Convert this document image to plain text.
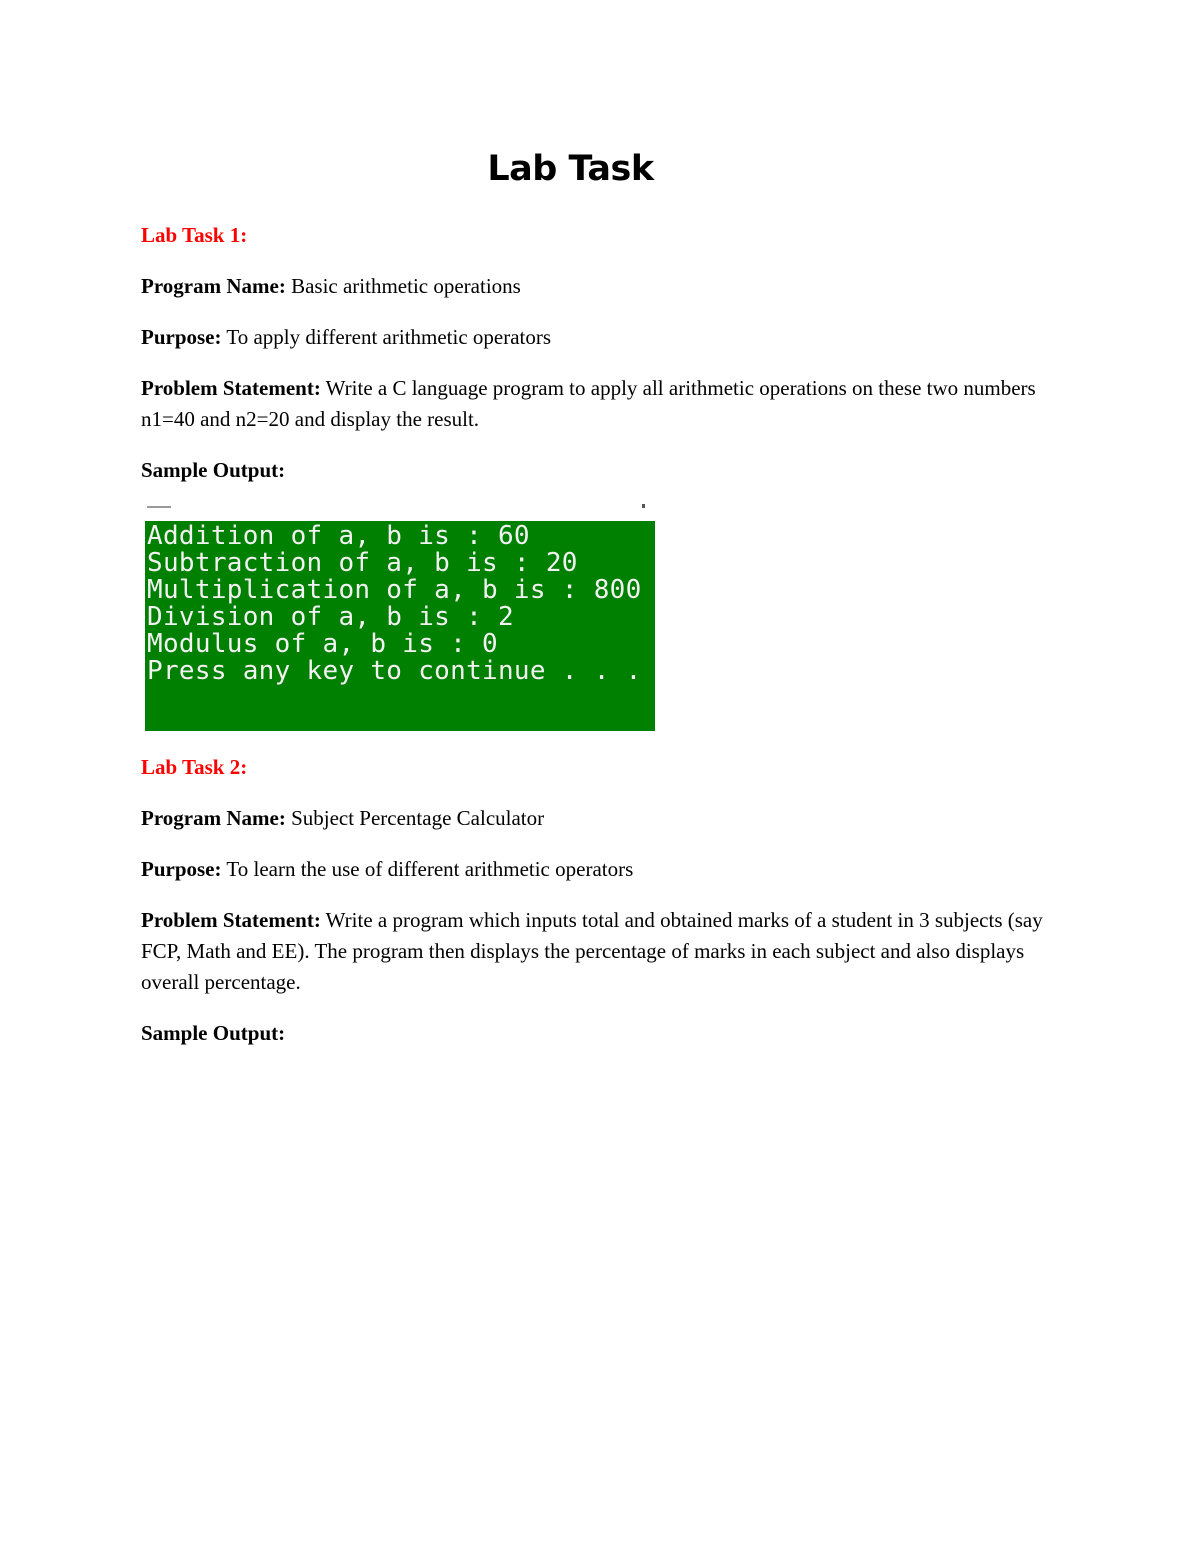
Lab Task
Lab Task 1:

Program Name: Basic arithmetic operations

Purpose: To apply different arithmetic operators

Problem Statement: Write a C language program to apply all arithmetic operations on these two numbers n1=40 and n2=20 and display the result.

Sample Output:

Addition of a, b is : 60
Subtraction of a, b is : 20
Multiplication of a, b is : 800
Division of a, b is : 2
Modulus of a, b is : 0
Press any key to continue . . .
Lab Task 2:

Program Name: Subject Percentage Calculator

Purpose: To learn the use of different arithmetic operators

Problem Statement: Write a program which inputs total and obtained marks of a student in 3 subjects (say FCP, Math and EE). The program then displays the percentage of marks in each subject and also displays overall percentage.

Sample Output:
